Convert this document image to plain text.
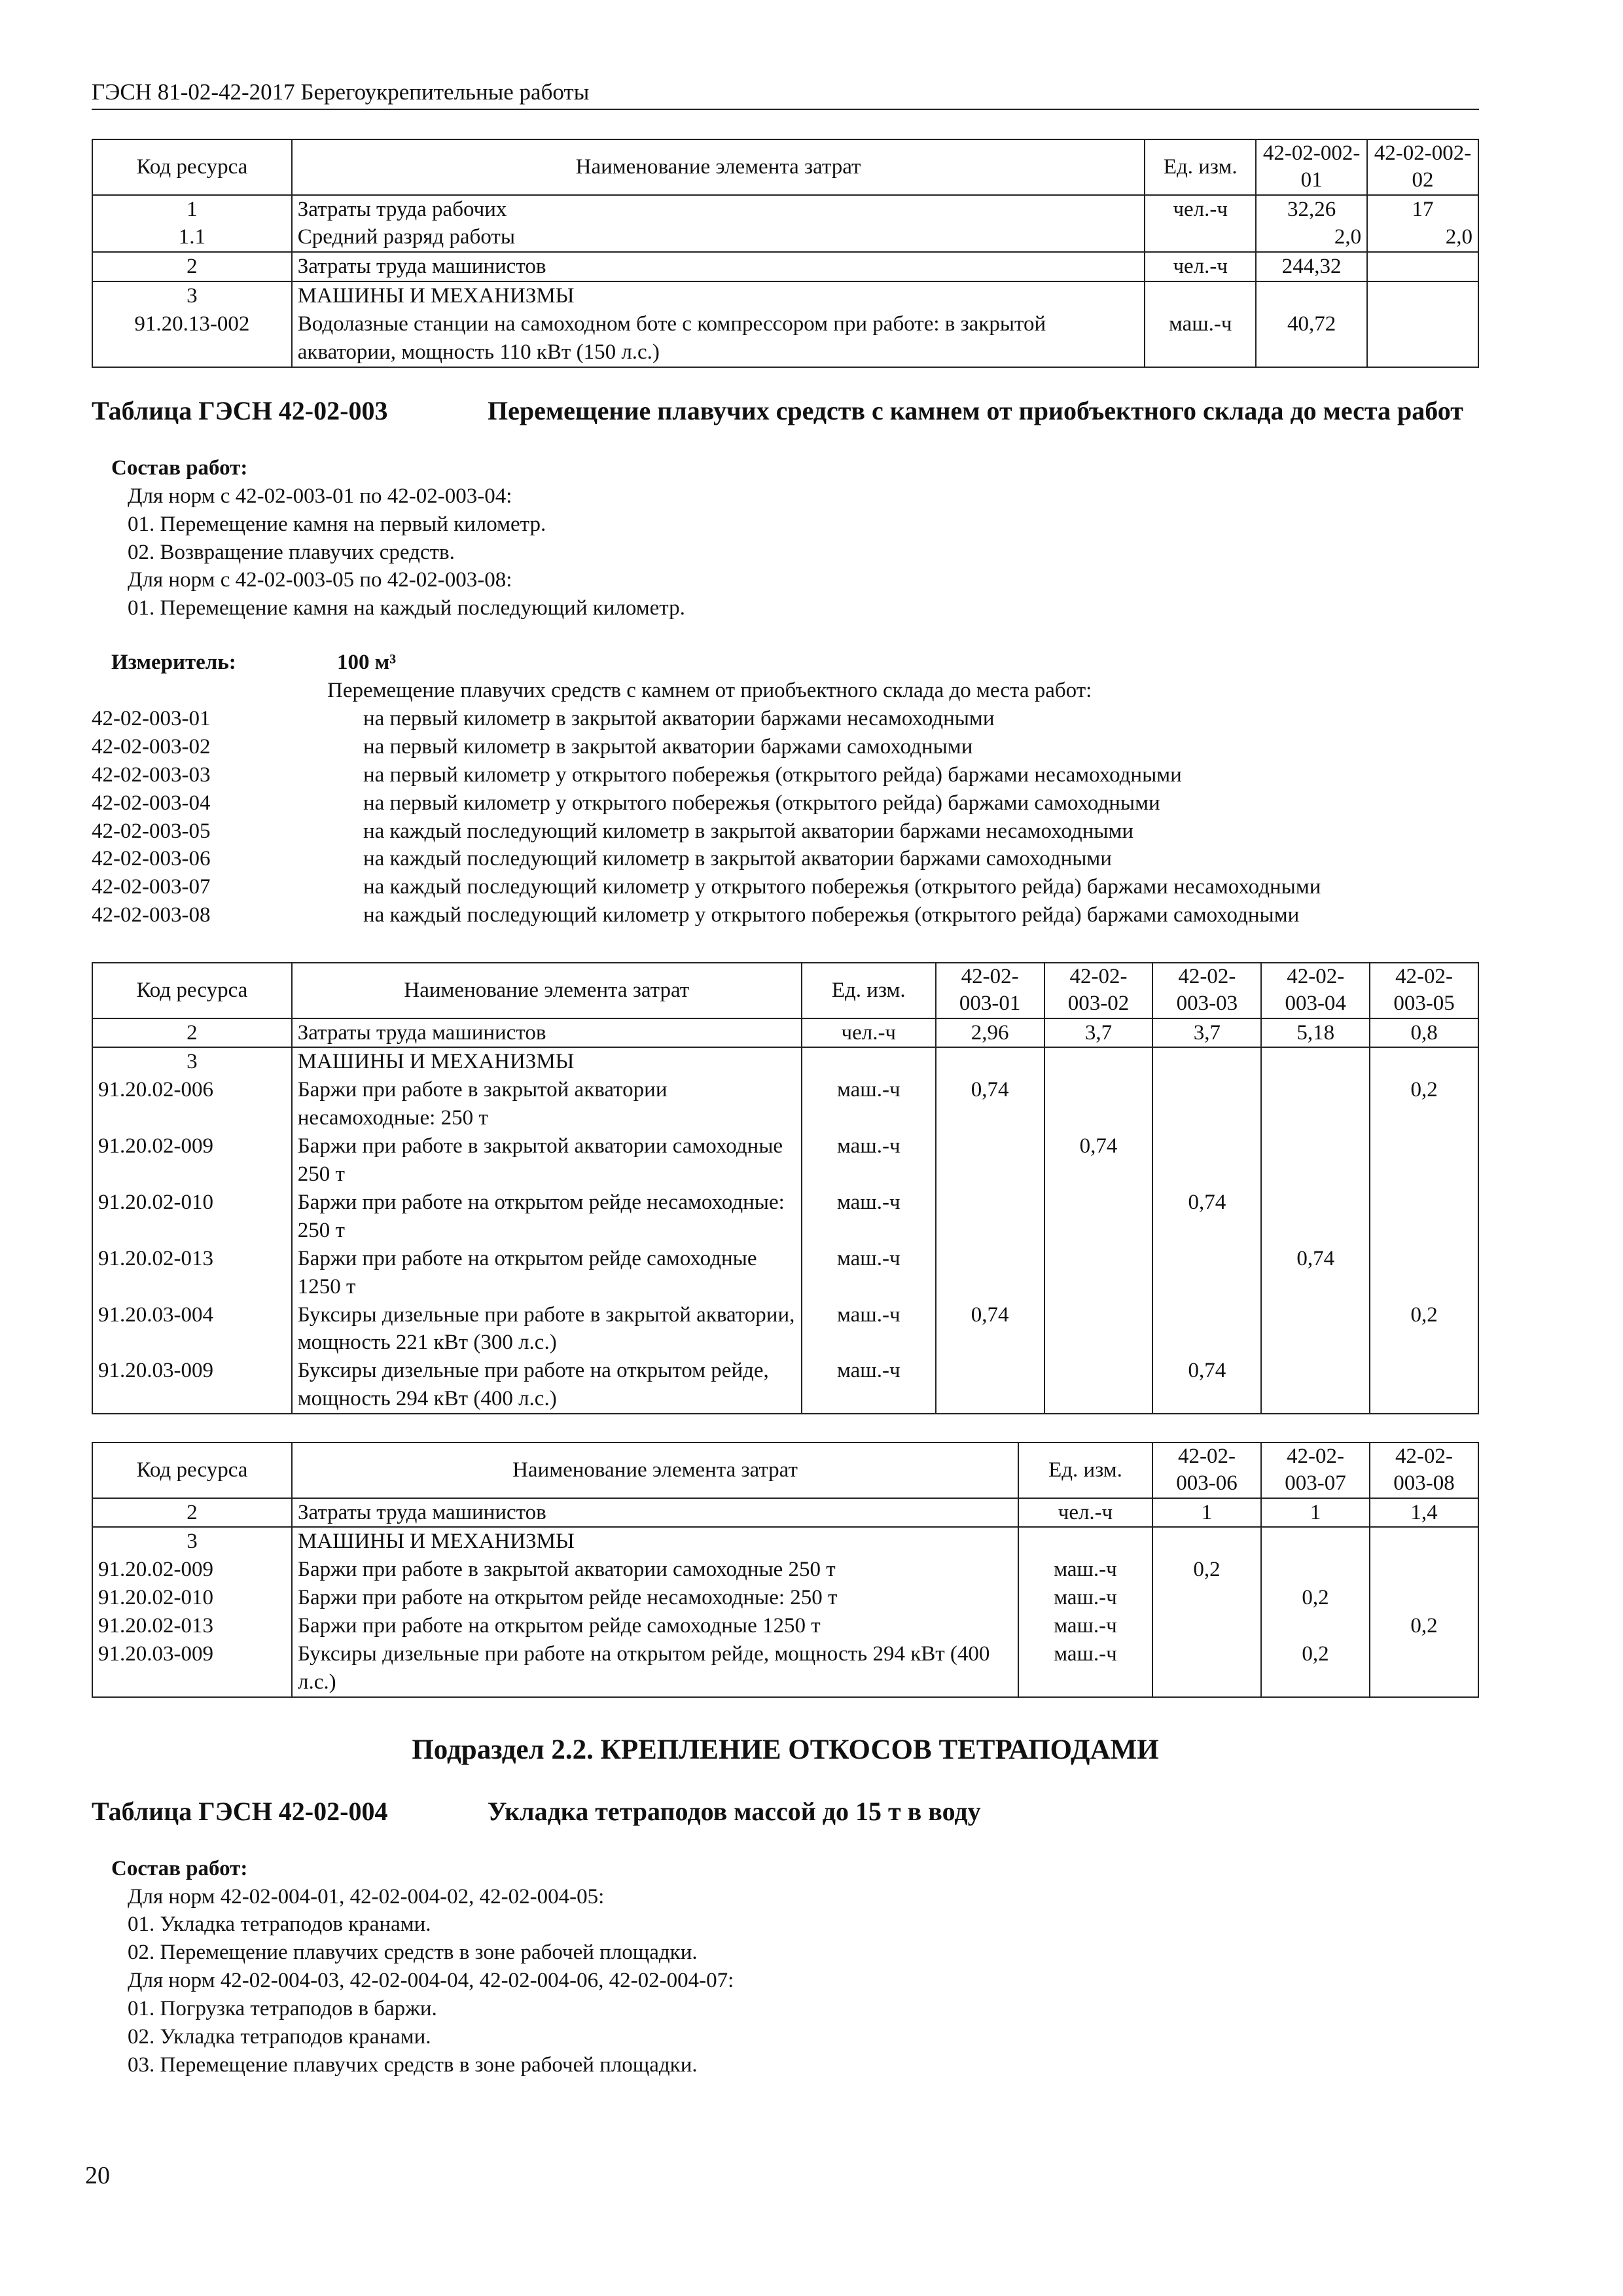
ГЭСН 81-02-42-2017 Берегоукрепительные работы
Код ресурса	Наименование элемента затрат	Ед. изм.	42-02-002-01	42-02-002-02
1	Затраты труда рабочих	чел.-ч	32,26	17
1.1	Средний разряд работы		2,0	2,0
2	Затраты труда машинистов	чел.-ч	244,32	
3	МАШИНЫ И МЕХАНИЗМЫ			
91.20.13-002	Водолазные станции на самоходном боте с компрессором при работе: в закрытой акватории, мощность 110 кВт (150 л.с.)	маш.-ч	40,72	
Таблица ГЭСН 42-02-003	Перемещение плавучих средств с камнем от приобъектного склада до места работ
Состав работ:
Для норм с 42-02-003-01 по 42-02-003-04:
01. Перемещение камня на первый километр.
02. Возвращение плавучих средств.
Для норм с 42-02-003-05 по 42-02-003-08:
01. Перемещение камня на каждый последующий километр.
Измеритель:	100 м³
Перемещение плавучих средств с камнем от приобъектного склада до места работ:
42-02-003-01	на первый километр в закрытой акватории баржами несамоходными
42-02-003-02	на первый километр в закрытой акватории баржами самоходными
42-02-003-03	на первый километр у открытого побережья (открытого рейда) баржами несамоходными
42-02-003-04	на первый километр у открытого побережья (открытого рейда) баржами самоходными
42-02-003-05	на каждый последующий километр в закрытой акватории баржами несамоходными
42-02-003-06	на каждый последующий километр в закрытой акватории баржами самоходными
42-02-003-07	на каждый последующий километр у открытого побережья (открытого рейда) баржами несамоходными
42-02-003-08	на каждый последующий километр у открытого побережья (открытого рейда) баржами самоходными
Код ресурса	Наименование элемента затрат	Ед. изм.	42-02-003-01	42-02-003-02	42-02-003-03	42-02-003-04	42-02-003-05
2	Затраты труда машинистов	чел.-ч	2,96	3,7	3,7	5,18	0,8
3	МАШИНЫ И МЕХАНИЗМЫ						
91.20.02-006	Баржи при работе в закрытой акватории несамоходные: 250 т	маш.-ч	0,74				0,2
91.20.02-009	Баржи при работе в закрытой акватории самоходные 250 т	маш.-ч		0,74			
91.20.02-010	Баржи при работе на открытом рейде несамоходные: 250 т	маш.-ч			0,74		
91.20.02-013	Баржи при работе на открытом рейде самоходные 1250 т	маш.-ч				0,74	
91.20.03-004	Буксиры дизельные при работе в закрытой акватории, мощность 221 кВт (300 л.с.)	маш.-ч	0,74				0,2
91.20.03-009	Буксиры дизельные при работе на открытом рейде, мощность 294 кВт (400 л.с.)	маш.-ч			0,74		
Код ресурса	Наименование элемента затрат	Ед. изм.	42-02-003-06	42-02-003-07	42-02-003-08
2	Затраты труда машинистов	чел.-ч	1	1	1,4
3	МАШИНЫ И МЕХАНИЗМЫ				
91.20.02-009	Баржи при работе в закрытой акватории самоходные 250 т	маш.-ч	0,2		
91.20.02-010	Баржи при работе на открытом рейде несамоходные: 250 т	маш.-ч		0,2	
91.20.02-013	Баржи при работе на открытом рейде самоходные 1250 т	маш.-ч			0,2
91.20.03-009	Буксиры дизельные при работе на открытом рейде, мощность 294 кВт (400 л.с.)	маш.-ч		0,2	
Подраздел 2.2. КРЕПЛЕНИЕ ОТКОСОВ ТЕТРАПОДАМИ
Таблица ГЭСН 42-02-004	Укладка тетраподов массой до 15 т в воду
Состав работ:
Для норм 42-02-004-01, 42-02-004-02, 42-02-004-05:
01. Укладка тетраподов кранами.
02. Перемещение плавучих средств в зоне рабочей площадки.
Для норм 42-02-004-03, 42-02-004-04, 42-02-004-06, 42-02-004-07:
01. Погрузка тетраподов в баржи.
02. Укладка тетраподов кранами.
03. Перемещение плавучих средств в зоне рабочей площадки.
20
